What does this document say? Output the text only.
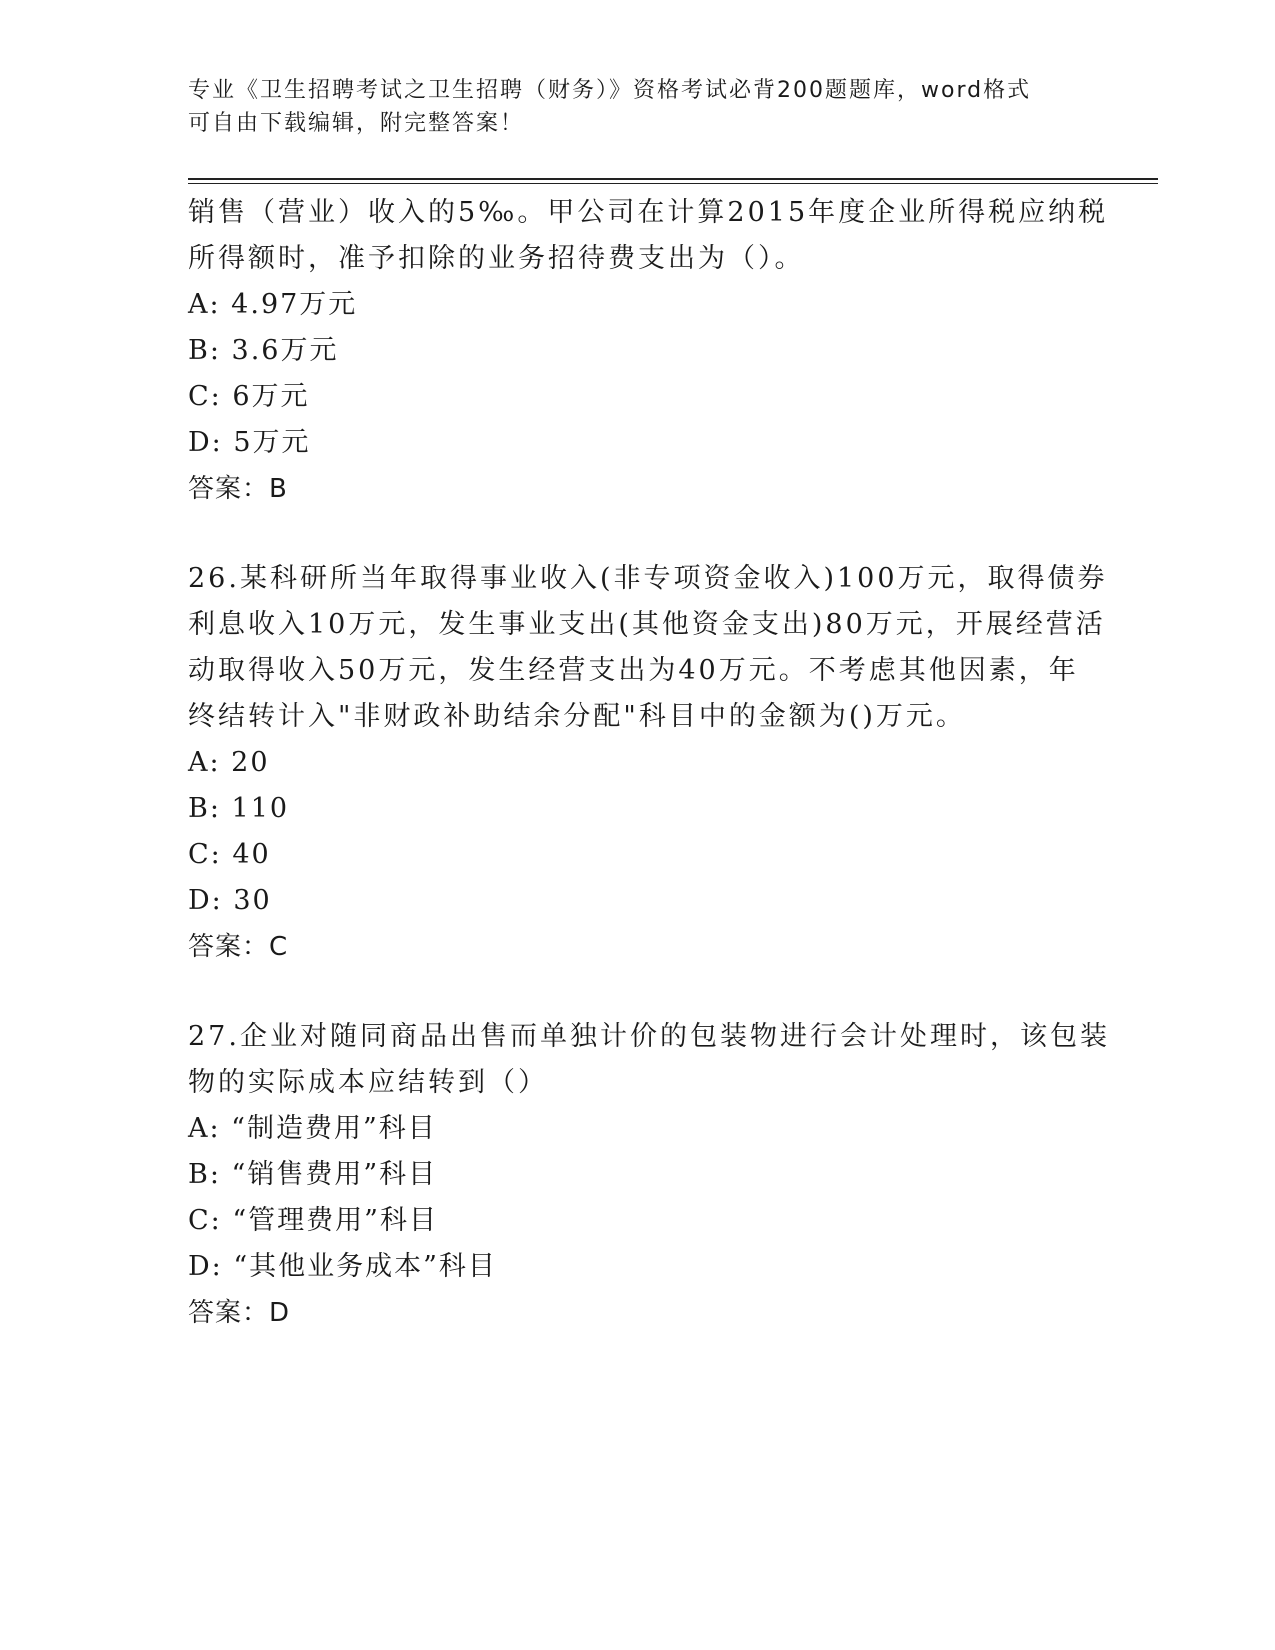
专业《卫生招聘考试之卫生招聘（财务）》资格考试必背200题题库，word格式
可自由下载编辑，附完整答案！
销售（营业）收入的5‰。甲公司在计算2015年度企业所得税应纳税
所得额时，准予扣除的业务招待费支出为（）。
A: 4.97万元
B: 3.6万元
C: 6万元
D: 5万元
答案：B
26.某科研所当年取得事业收入(非专项资金收入)100万元，取得债券
利息收入10万元，发生事业支出(其他资金支出)80万元，开展经营活
动取得收入50万元，发生经营支出为40万元。不考虑其他因素，年
终结转计入"非财政补助结余分配"科目中的金额为()万元。
A: 20
B: 110
C: 40
D: 30
答案：C
27.企业对随同商品出售而单独计价的包装物进行会计处理时，该包装
物的实际成本应结转到（）
A: “制造费用”科目
B: “销售费用”科目
C: “管理费用”科目
D: “其他业务成本”科目
答案：D
